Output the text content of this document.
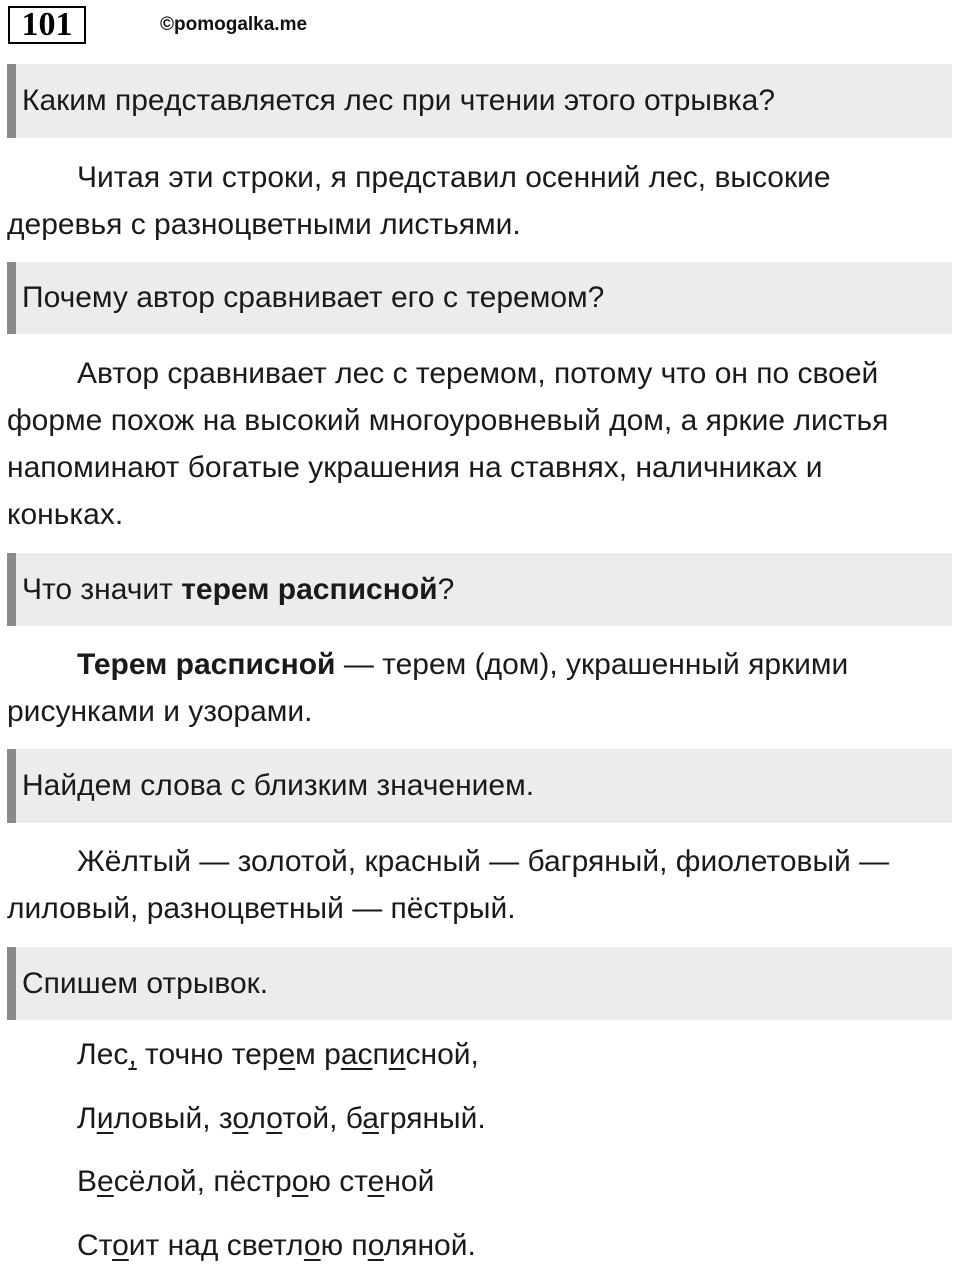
101	©pomogalka.me
Каким представляется лес при чтении этого отрывка?

Читая эти строки, я представил осенний лес, высокие деревья с разноцветными листьями.

Почему автор сравнивает его с теремом?

Автор сравнивает лес с теремом, потому что он по своей форме похож на высокий многоуровневый дом, а яркие листья напоминают богатые украшения на ставнях, наличниках и коньках.

Что значит терем расписной?

Терем расписной — терем (дом), украшенный яркими рисунками и узорами.

Найдем слова с близким значением.

Жёлтый — золотой, красный — багряный, фиолетовый — лиловый, разноцветный — пёстрый.

Спишем отрывок.
Лес, точно терем расписной,
Лиловый, золотой, багряный.
Весёлой, пёстрою стеной
Стоит над светлою поляной.
